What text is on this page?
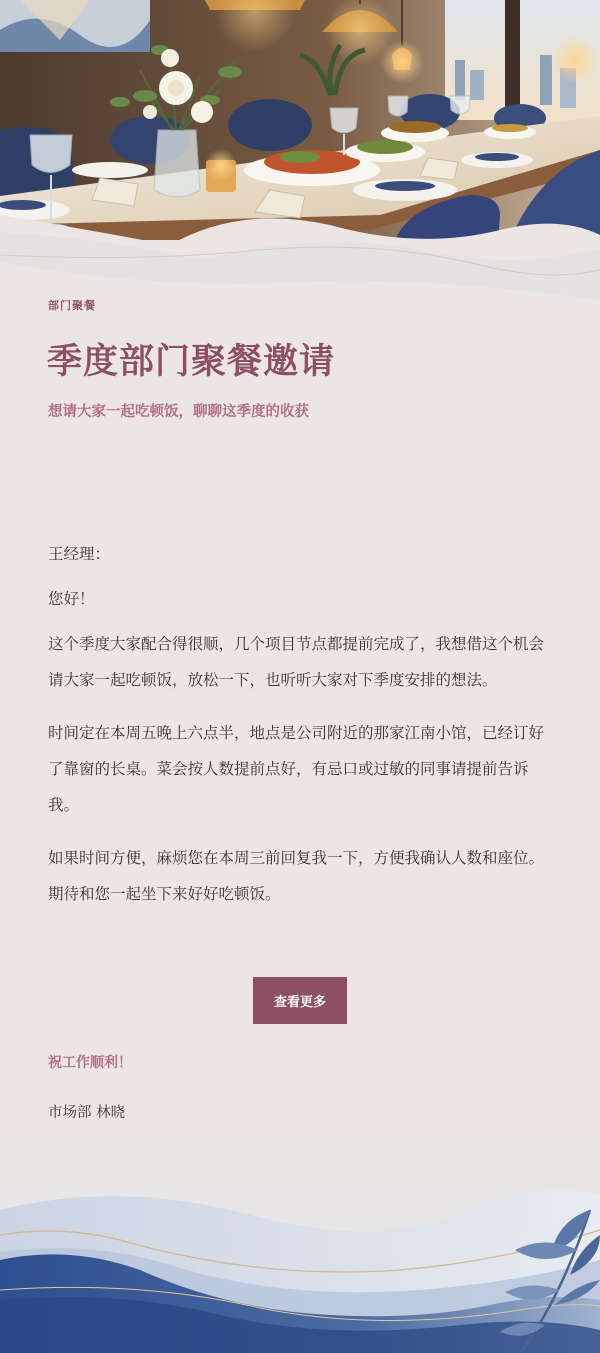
部门聚餐
季度部门聚餐邀请
想请大家一起吃顿饭，聊聊这季度的收获

王经理：

您好！

这个季度大家配合得很顺，几个项目节点都提前完成了，我想借这个机会请大家一起吃顿饭，放松一下，也听听大家对下季度安排的想法。

时间定在本周五晚上六点半，地点是公司附近的那家江南小馆，已经订好了靠窗的长桌。菜会按人数提前点好，有忌口或过敏的同事请提前告诉我。

如果时间方便，麻烦您在本周三前回复我一下，方便我确认人数和座位。期待和您一起坐下来好好吃顿饭。

查看更多
祝工作顺利！
市场部 林晓
